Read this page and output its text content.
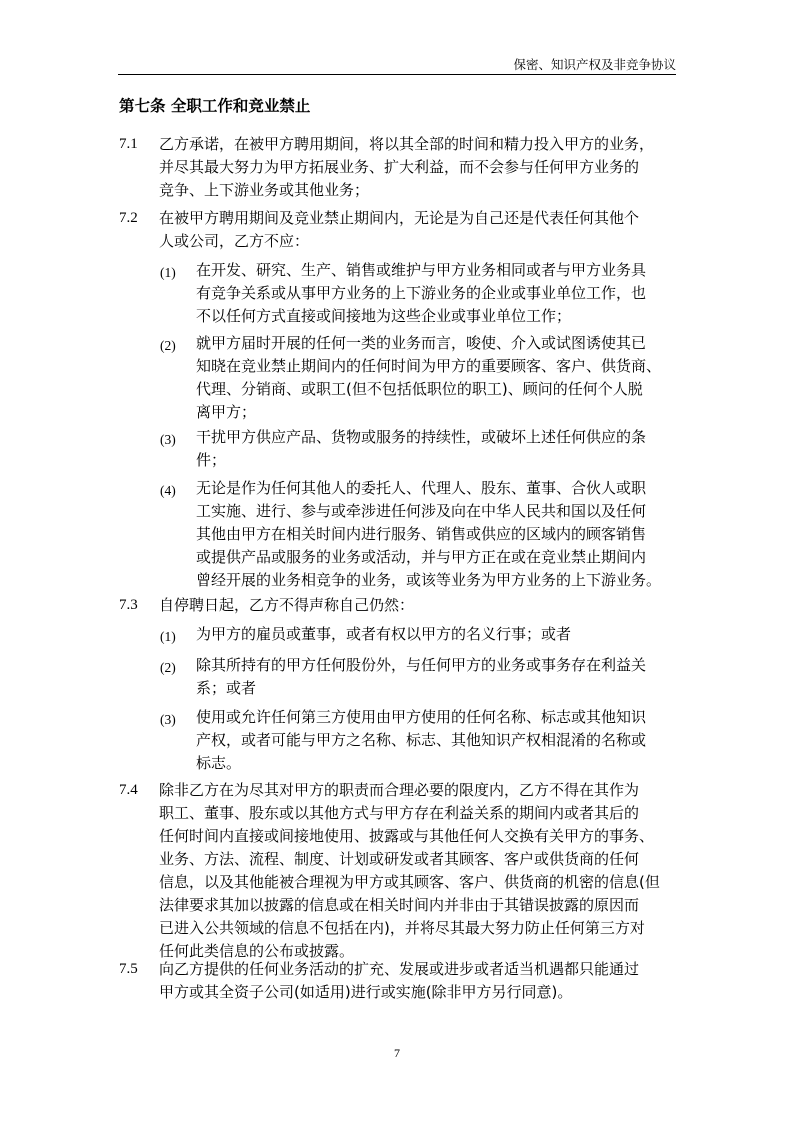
保密、知识产权及非竞争协议
第七条 全职工作和竞业禁止
7.1 乙方承诺，在被甲方聘用期间，将以其全部的时间和精力投入甲方的业务，
并尽其最大努力为甲方拓展业务、扩大利益，而不会参与任何甲方业务的
竞争、上下游业务或其他业务；
7.2 在被甲方聘用期间及竞业禁止期间内，无论是为自己还是代表任何其他个
人或公司，乙方不应：
(1) 在开发、研究、生产、销售或维护与甲方业务相同或者与甲方业务具
有竞争关系或从事甲方业务的上下游业务的企业或事业单位工作，也
不以任何方式直接或间接地为这些企业或事业单位工作；
(2) 就甲方届时开展的任何一类的业务而言，唆使、介入或试图诱使其已
知晓在竞业禁止期间内的任何时间为甲方的重要顾客、客户、供货商、
代理、分销商、或职工(但不包括低职位的职工)、顾问的任何个人脱
离甲方；
(3) 干扰甲方供应产品、货物或服务的持续性，或破坏上述任何供应的条
件；
(4) 无论是作为任何其他人的委托人、代理人、股东、董事、合伙人或职
工实施、进行、参与或牵涉进任何涉及向在中华人民共和国以及任何
其他由甲方在相关时间内进行服务、销售或供应的区域内的顾客销售
或提供产品或服务的业务或活动，并与甲方正在或在竞业禁止期间内
曾经开展的业务相竞争的业务，或该等业务为甲方业务的上下游业务。
7.3 自停聘日起，乙方不得声称自己仍然：
(1) 为甲方的雇员或董事，或者有权以甲方的名义行事；或者
(2) 除其所持有的甲方任何股份外，与任何甲方的业务或事务存在利益关
系；或者
(3) 使用或允许任何第三方使用由甲方使用的任何名称、标志或其他知识
产权，或者可能与甲方之名称、标志、其他知识产权相混淆的名称或
标志。
7.4 除非乙方在为尽其对甲方的职责而合理必要的限度内，乙方不得在其作为
职工、董事、股东或以其他方式与甲方存在利益关系的期间内或者其后的
任何时间内直接或间接地使用、披露或与其他任何人交换有关甲方的事务、
业务、方法、流程、制度、计划或研发或者其顾客、客户或供货商的任何
信息，以及其他能被合理视为甲方或其顾客、客户、供货商的机密的信息(但
法律要求其加以披露的信息或在相关时间内并非由于其错误披露的原因而
已进入公共领域的信息不包括在内)，并将尽其最大努力防止任何第三方对
任何此类信息的公布或披露。
7.5 向乙方提供的任何业务活动的扩充、发展或进步或者适当机遇都只能通过
甲方或其全资子公司(如适用)进行或实施(除非甲方另行同意)。
7
